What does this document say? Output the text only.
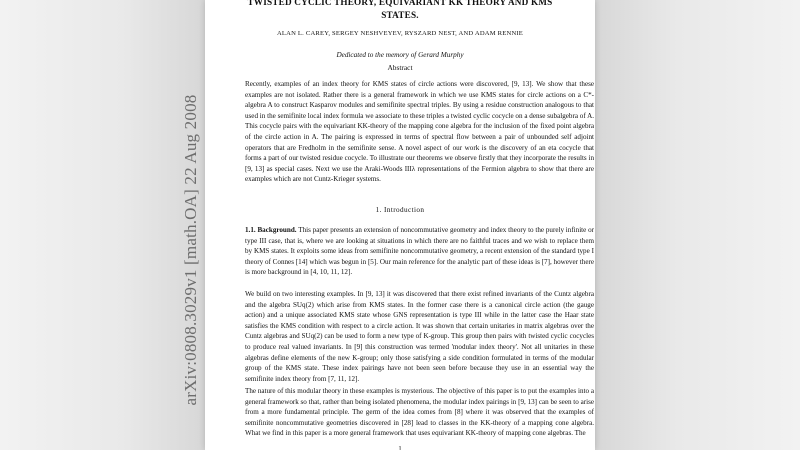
TWISTED CYCLIC THEORY, EQUIVARIANT KK THEORY AND KMS
STATES.
ALAN L. CAREY, SERGEY NESHVEYEV, RYSZARD NEST, AND ADAM RENNIE
Dedicated to the memory of Gerard Murphy
Abstract
Recently, examples of an index theory for KMS states of circle actions were discovered, [9, 13]. We show that these examples are not isolated. Rather there is a general framework in which we use KMS states for circle actions on a C*-algebra A to construct Kasparov modules and semifinite spectral triples. By using a residue construction analogous to that used in the semifinite local index formula we associate to these triples a twisted cyclic cocycle on a dense subalgebra of A. This cocycle pairs with the equivariant KK-theory of the mapping cone algebra for the inclusion of the fixed point algebra of the circle action in A. The pairing is expressed in terms of spectral flow between a pair of unbounded self adjoint operators that are Fredholm in the semifinite sense. A novel aspect of our work is the discovery of an eta cocycle that forms a part of our twisted residue cocycle. To illustrate our theorems we observe firstly that they incorporate the results in [9, 13] as special cases. Next we use the Araki-Woods IIIλ representations of the Fermion algebra to show that there are examples which are not Cuntz-Krieger systems.
1. Introduction
1.1. Background. This paper presents an extension of noncommutative geometry and index theory to the purely infinite or type III case, that is, where we are looking at situations in which there are no faithful traces and we wish to replace them by KMS states. It exploits some ideas from semifinite noncommutative geometry, a recent extension of the standard type I theory of Connes [14] which was begun in [5]. Our main reference for the analytic part of these ideas is [7], however there is more background in [4, 10, 11, 12].
We build on two interesting examples. In [9, 13] it was discovered that there exist refined invariants of the Cuntz algebra and the algebra SUq(2) which arise from KMS states. In the former case there is a canonical circle action (the gauge action) and a unique associated KMS state whose GNS representation is type III while in the latter case the Haar state satisfies the KMS condition with respect to a circle action. It was shown that certain unitaries in matrix algebras over the Cuntz algebras and SUq(2) can be used to form a new type of K-group. This group then pairs with twisted cyclic cocycles to produce real valued invariants. In [9] this construction was termed 'modular index theory'. Not all unitaries in these algebras define elements of the new K-group; only those satisfying a side condition formulated in terms of the modular group of the KMS state. These index pairings have not been seen before because they use in an essential way the semifinite index theory from [7, 11, 12].
The nature of this modular theory in these examples is mysterious. The objective of this paper is to put the examples into a general framework so that, rather than being isolated phenomena, the modular index pairings in [9, 13] can be seen to arise from a more fundamental principle. The germ of the idea comes from [8] where it was observed that the examples of semifinite noncommutative geometries discovered in [28] lead to classes in the KK-theory of a mapping cone algebra. What we find in this paper is a more general framework that uses equivariant KK-theory of mapping cone algebras. The
1
arXiv:0808.3029v1 [math.OA] 22 Aug 2008
